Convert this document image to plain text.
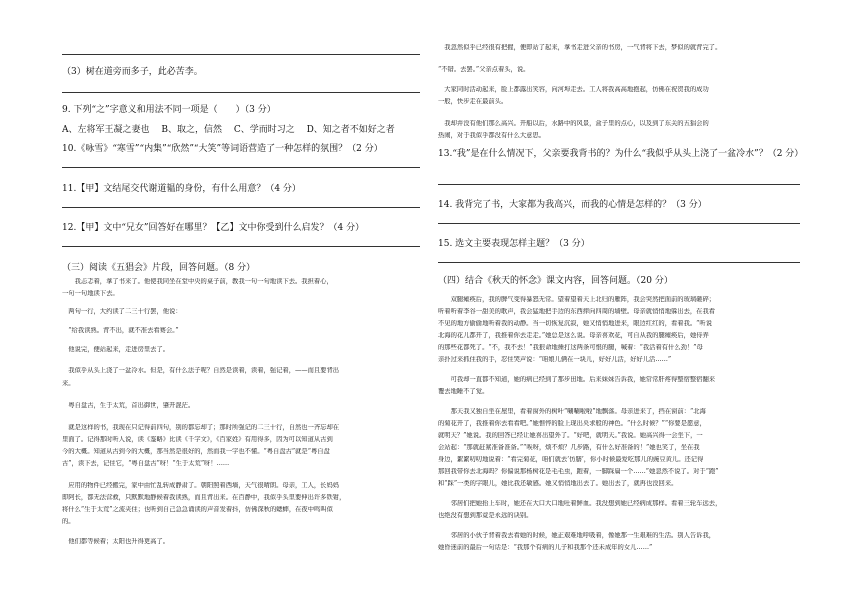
（3）树在道旁而多子，此必苦李。
9. 下列“之”字意义和用法不同一项是（　　）（3 分）
A、左将军王凝之妻也　 B、取之，信然　 C、学而时习之　 D、知之者不如好之者
10.《咏雪》“寒雪”“内集”“欣然”“大笑”等词语营造了一种怎样的氛围？（2 分）
11.【甲】文结尾交代谢道韫的身份，有什么用意？（4 分）
12.【甲】文中“兄女”回答好在哪里？【乙】文中你受到什么启发？（4 分）
（三）阅读《五猖会》片段，回答问题。（8 分）
　　我忐忑着，拿了书来了。他使我同坐在堂中央的桌子前，教我一句一句地读下去。我担着心，
一句一句地读下去。
　两句一行，大约读了二三十行罢，他说：
　“给我读熟。背不出，就不准去看赛会。”
　他说完，便站起来，走进房里去了。
　我似乎从头上浇了一盆冷水。但是，有什么法子呢？自然是读着，读着，强记着，——而且要背出
来。
　粤自盘古，生于太荒，首出御世，肇开混茫。
　就是这样的书，我现在只记得前四句，别的都忘却了；那时所强记的二三十行，自然也一齐忘却在
里面了。记得那时听人说，读《鉴略》比读《千字文》，《百家姓》有用得多，因为可以知道从古到
今的大概。知道从古到今的大概，那当然是很好的，然而我一字也不懂。“粤自盘古”就是“粤自盘
古”，读下去，记住它，“粤自盘古”呀！“生于太荒”呀！……
　应用的物件已经搬完，家中由忙乱转成静肃了。朝阳照着西墙，天气很晴朗。母亲，工人，长妈妈
即阿长，都无法营救，只默默地静候着我读熟，而且背出来。在百静中，我似乎头里要伸出许多铁钳，
将什么“生于太荒”之流夹住；也听到自己急急诵读的声音发着抖，仿佛深秋的蟋蟀，在夜中鸣叫似
的。
　他们都等候着；太阳也升得更高了。
　我忽然似乎已经很有把握，便即站了起来，拿书走进父亲的书房，一气背将下去，梦似的就背完了。
“不错。去罢。”父亲点着头，说。
　大家同时活动起来，脸上都露出笑容，向河埠走去。工人将我高高地抱起，仿佛在祝贺我的成功
一般，快步走在最前头。
　我却并没有他们那么高兴。开船以后，水路中的风景，盒子里的点心，以及到了东关的五猖会的
热闹，对于我似乎都没有什么大意思。
13.“我”是在什么情况下，父亲要我背书的？为什么“我似乎从头上浇了一盆冷水”？（2 分）
14. 我背完了书，大家都为我高兴，而我的心情是怎样的？（3 分）
15. 选文主要表现怎样主题？（3 分）
（四）结合《秋天的怀念》课文内容，回答问题。（20 分）
　　双腿瘫痪后，我的脾气变得暴怒无常。望着望着天上北归的雁阵，我会突然把面前的玻璃砸碎；
听着听着李谷一甜美的歌声，我会猛地把手边的东西摔向四周的墙壁。母亲就悄悄地躲出去，在我看
不见的地方偷偷地听着我的动静。当一切恢复沉寂，她又悄悄地进来，眼边红红的，看着我。“听说
北海的花儿都开了，我推着你去走走。”她总是这么说。母亲喜欢花，可自从我的腿瘫痪后，她侍弄
的那些花都死了。“不，我不去！”我狠命地捶打这两条可恨的腿，喊着：“我活着有什么劲！”母
亲扑过来抓住我的手，忍住哭声说：“咱娘儿俩在一块儿，好好儿活，好好儿活……”
　　可我却一直都不知道，她的病已经到了那步田地。后来妹妹告诉我，她常常肝疼得整宿整宿翻来
覆去地睡不了觉。
　　那天我又独自坐在屋里，看着窗外的树叶“唰唰啦啦”地飘落。母亲进来了，挡在窗前：“北海
的菊花开了，我推着你去看看吧。”她憔悴的脸上现出央求般的神色。“什么时候？”“你要是愿意，
就明天？”她说。我的回答已经让她喜出望外了。“好吧，就明天。”我说。她高兴得一会坐下，一
会站起：“那就赶紧准备准备。”“唉呀，烦不烦？几步路，有什么好准备的！”她也笑了，坐在我
身边，絮絮叨叨地说着：“看完菊花，咱们就去‘仿膳’，你小时候最爱吃那儿的豌豆黄儿。还记得
那回我带你去北海吗？你偏说那杨树花是毛毛虫，跑着，一脚踩扁一个……”她忽然不说了。对于“跑”
和“踩”一类的字眼儿，她比我还敏感。她又悄悄地出去了。她出去了，就再也没回来。
　　邻居们把她抬上车时，她还在大口大口地吐着鲜血。我没想到她已经病成那样。看着三轮车远去，
也绝没有想到那竟是永远的诀别。
　　邻居的小伙子背着我去看她的时候，她正艰难地呼吸着，像她那一生艰难的生活。别人告诉我，
她昏迷前的最后一句话是：“我那个有病的儿子和我那个还未成年的女儿……”
